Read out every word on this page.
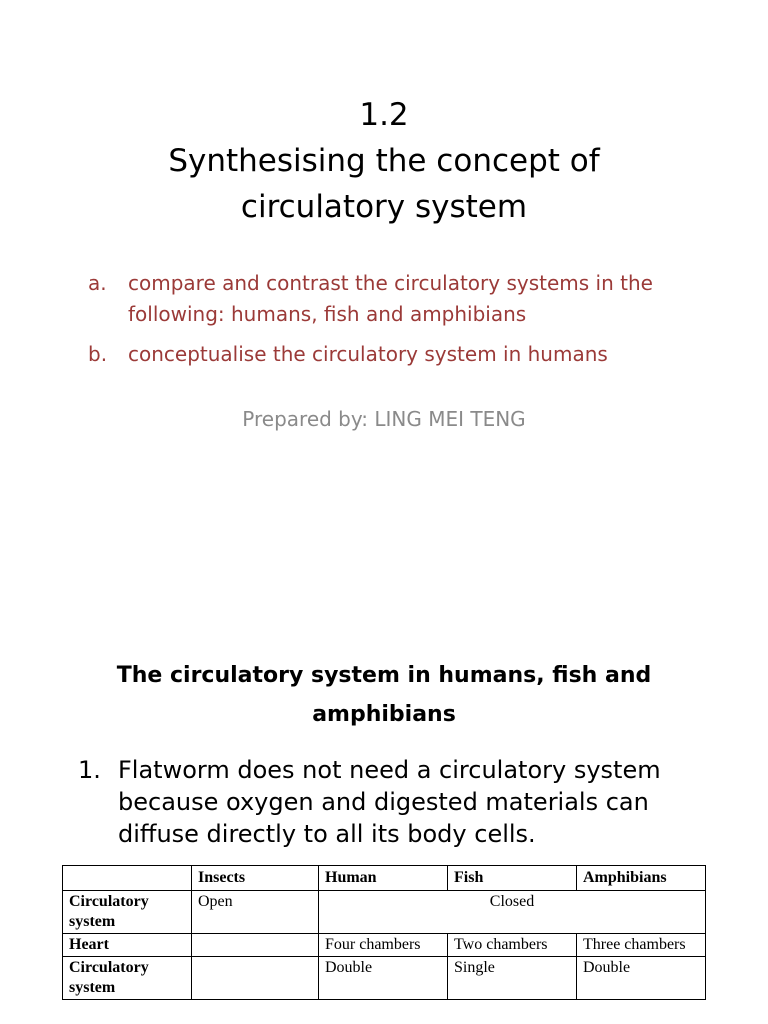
1.2
Synthesising the concept of
circulatory system
a. compare and contrast the circulatory systems in the following: humans, fish and amphibians
b. conceptualise the circulatory system in humans
Prepared by: LING MEI TENG
The circulatory system in humans, fish and amphibians
1. Flatworm does not need a circulatory system because oxygen and digested materials can diffuse directly to all its body cells.
	Insects	Human	Fish	Amphibians
Circulatory system	Open	Closed		
Heart		Four chambers	Two chambers	Three chambers
Circulatory system		Double	Single	Double
